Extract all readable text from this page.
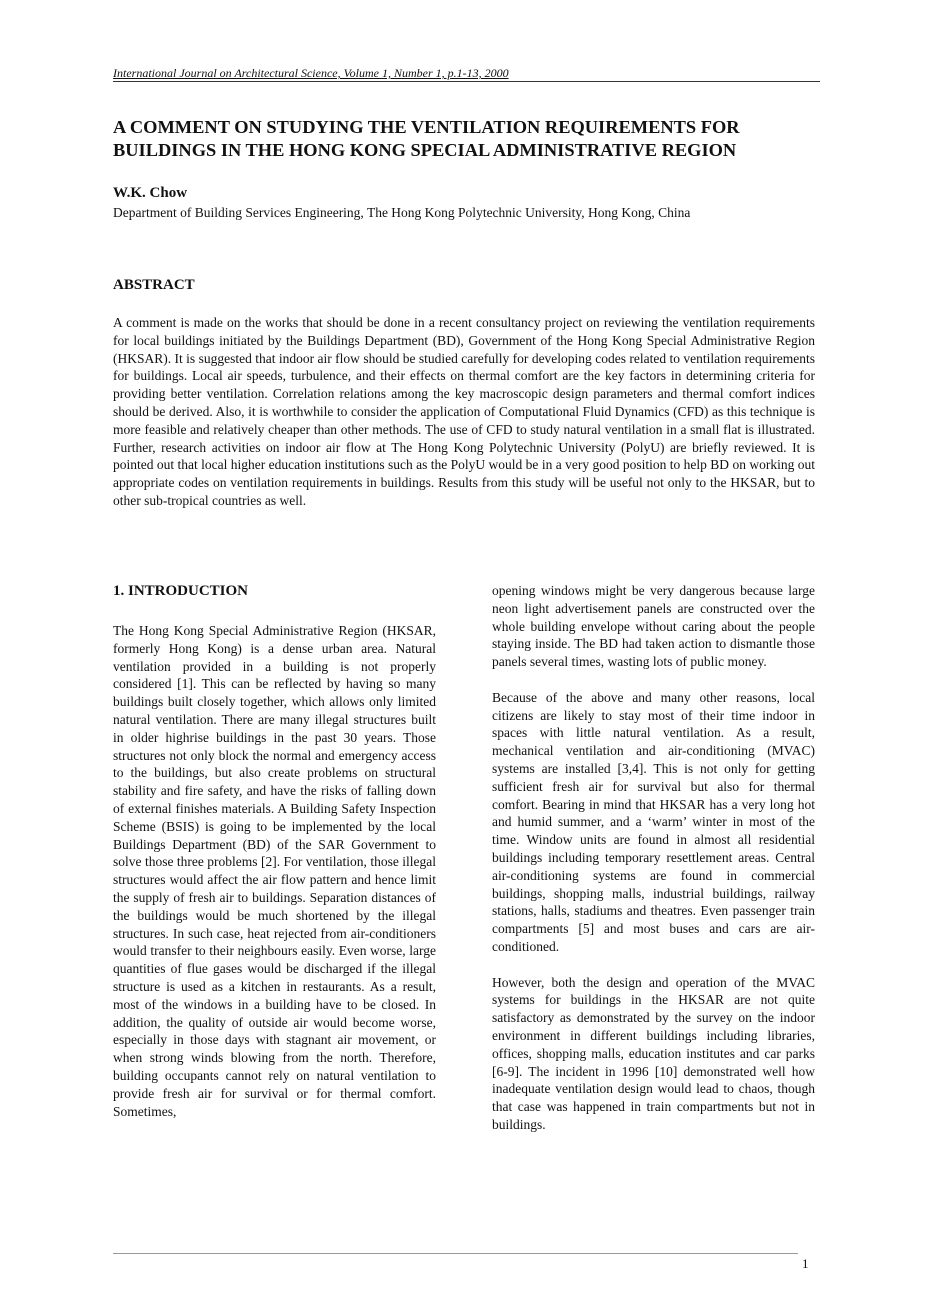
International Journal on Architectural Science, Volume 1, Number 1, p.1-13, 2000
A COMMENT ON STUDYING THE VENTILATION REQUIREMENTS FOR BUILDINGS IN THE HONG KONG SPECIAL ADMINISTRATIVE REGION
W.K. Chow
Department of Building Services Engineering, The Hong Kong Polytechnic University, Hong Kong, China
ABSTRACT

A comment is made on the works that should be done in a recent consultancy project on reviewing the ventilation requirements for local buildings initiated by the Buildings Department (BD), Government of the Hong Kong Special Administrative Region (HKSAR). It is suggested that indoor air flow should be studied carefully for developing codes related to ventilation requirements for buildings. Local air speeds, turbulence, and their effects on thermal comfort are the key factors in determining criteria for providing better ventilation. Correlation relations among the key macroscopic design parameters and thermal comfort indices should be derived. Also, it is worthwhile to consider the application of Computational Fluid Dynamics (CFD) as this technique is more feasible and relatively cheaper than other methods. The use of CFD to study natural ventilation in a small flat is illustrated. Further, research activities on indoor air flow at The Hong Kong Polytechnic University (PolyU) are briefly reviewed. It is pointed out that local higher education institutions such as the PolyU would be in a very good position to help BD on working out appropriate codes on ventilation requirements in buildings. Results from this study will be useful not only to the HKSAR, but to other sub-tropical countries as well.

1. INTRODUCTION

The Hong Kong Special Administrative Region (HKSAR, formerly Hong Kong) is a dense urban area. Natural ventilation provided in a building is not properly considered [1]. This can be reflected by having so many buildings built closely together, which allows only limited natural ventilation. There are many illegal structures built in older highrise buildings in the past 30 years. Those structures not only block the normal and emergency access to the buildings, but also create problems on structural stability and fire safety, and have the risks of falling down of external finishes materials. A Building Safety Inspection Scheme (BSIS) is going to be implemented by the local Buildings Department (BD) of the SAR Government to solve those three problems [2]. For ventilation, those illegal structures would affect the air flow pattern and hence limit the supply of fresh air to buildings. Separation distances of the buildings would be much shortened by the illegal structures. In such case, heat rejected from air-conditioners would transfer to their neighbours easily. Even worse, large quantities of flue gases would be discharged if the illegal structure is used as a kitchen in restaurants. As a result, most of the windows in a building have to be closed. In addition, the quality of outside air would become worse, especially in those days with stagnant air movement, or when strong winds blowing from the north. Therefore, building occupants cannot rely on natural ventilation to provide fresh air for survival or for thermal comfort. Sometimes,

opening windows might be very dangerous because large neon light advertisement panels are constructed over the whole building envelope without caring about the people staying inside. The BD had taken action to dismantle those panels several times, wasting lots of public money.

Because of the above and many other reasons, local citizens are likely to stay most of their time indoor in spaces with little natural ventilation. As a result, mechanical ventilation and air-conditioning (MVAC) systems are installed [3,4]. This is not only for getting sufficient fresh air for survival but also for thermal comfort. Bearing in mind that HKSAR has a very long hot and humid summer, and a ‘warm’ winter in most of the time. Window units are found in almost all residential buildings including temporary resettlement areas. Central air-conditioning systems are found in commercial buildings, shopping malls, industrial buildings, railway stations, halls, stadiums and theatres. Even passenger train compartments [5] and most buses and cars are air-conditioned.

However, both the design and operation of the MVAC systems for buildings in the HKSAR are not quite satisfactory as demonstrated by the survey on the indoor environment in different buildings including libraries, offices, shopping malls, education institutes and car parks [6-9]. The incident in 1996 [10] demonstrated well how inadequate ventilation design would lead to chaos, though that case was happened in train compartments but not in buildings.

1
